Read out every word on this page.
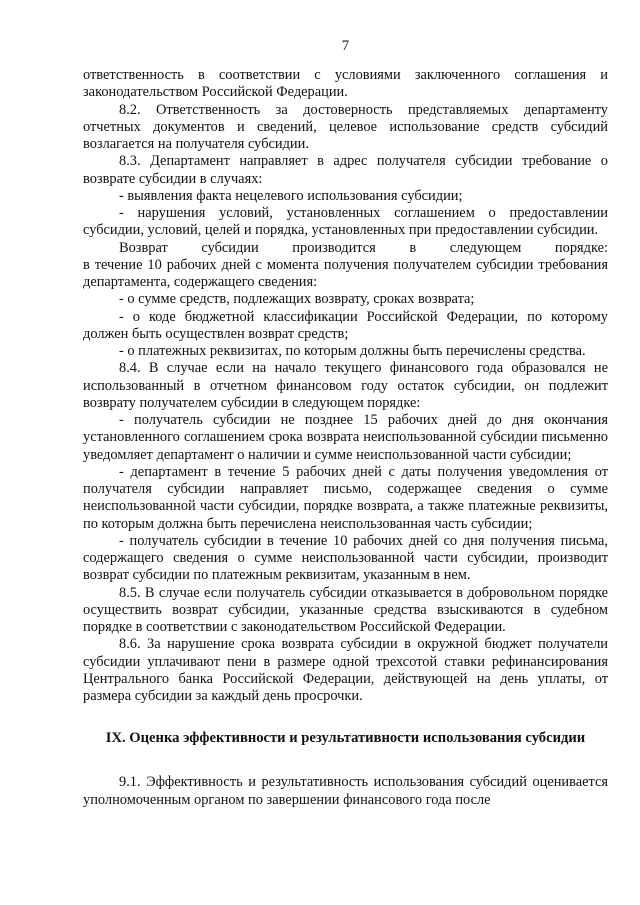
7

ответственность в соответствии с условиями заключенного соглашения и законодательством Российской Федерации.

8.2. Ответственность за достоверность представляемых департаменту отчетных документов и сведений, целевое использование средств субсидий возлагается на получателя субсидии.

8.3. Департамент направляет в адрес получателя субсидии требование о возврате субсидии в случаях:

- выявления факта нецелевого использования субсидии;

- нарушения условий, установленных соглашением о предоставлении субсидии, условий, целей и порядка, установленных при предоставлении субсидии.

Возврат субсидии производится в следующем порядке:

в течение 10 рабочих дней с момента получения получателем субсидии требования департамента, содержащего сведения:

- о сумме средств, подлежащих возврату, сроках возврата;

- о коде бюджетной классификации Российской Федерации, по которому должен быть осуществлен возврат средств;

- о платежных реквизитах, по которым должны быть перечислены средства.

8.4. В случае если на начало текущего финансового года образовался не использованный в отчетном финансовом году остаток субсидии, он подлежит возврату получателем субсидии в следующем порядке:

- получатель субсидии не позднее 15 рабочих дней до дня окончания установленного соглашением срока возврата неиспользованной субсидии письменно уведомляет департамент о наличии и сумме неиспользованной части субсидии;

- департамент в течение 5 рабочих дней с даты получения уведомления от получателя субсидии направляет письмо, содержащее сведения о сумме неиспользованной части субсидии, порядке возврата, а также платежные реквизиты, по которым должна быть перечислена неиспользованная часть субсидии;

- получатель субсидии в течение 10 рабочих дней со дня получения письма, содержащего сведения о сумме неиспользованной части субсидии, производит возврат субсидии по платежным реквизитам, указанным в нем.

8.5. В случае если получатель субсидии отказывается в добровольном порядке осуществить возврат субсидии, указанные средства взыскиваются в судебном порядке в соответствии с законодательством Российской Федерации.

8.6. За нарушение срока возврата субсидии в окружной бюджет получатели субсидии уплачивают пени в размере одной трехсотой ставки рефинансирования Центрального банка Российской Федерации, действующей на день уплаты, от размера субсидии за каждый день просрочки.

IX. Оценка эффективности и результативности использования субсидии

9.1. Эффективность и результативность использования субсидий оценивается уполномоченным органом по завершении финансового года после
